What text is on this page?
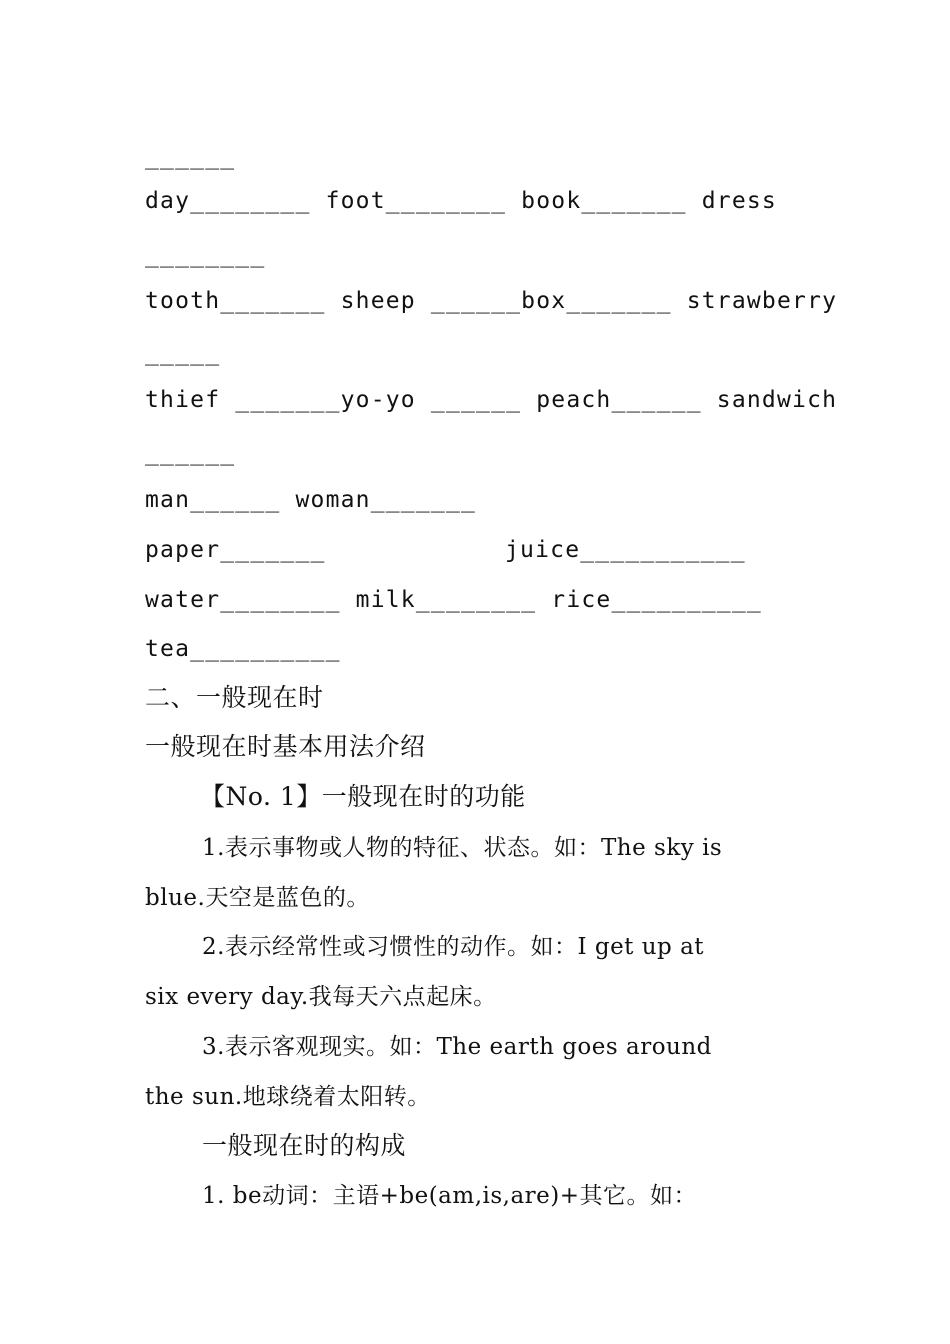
______
day________ foot________ book_______ dress
________
tooth_______ sheep ______box_______ strawberry
_____
thief _______yo-yo ______ peach______ sandwich
______
man______ woman_______
paper_______	juice___________
water________ milk________ rice__________
tea__________
二、一般现在时
一般现在时基本用法介绍
【No. 1】一般现在时的功能
1.表示事物或人物的特征、状态。如：The sky is
blue.天空是蓝色的。
2.表示经常性或习惯性的动作。如：I get up at
six every day.我每天六点起床。
3.表示客观现实。如：The earth goes around
the sun.地球绕着太阳转。
一般现在时的构成
1. be动词：主语+be(am,is,are)+其它。如：
